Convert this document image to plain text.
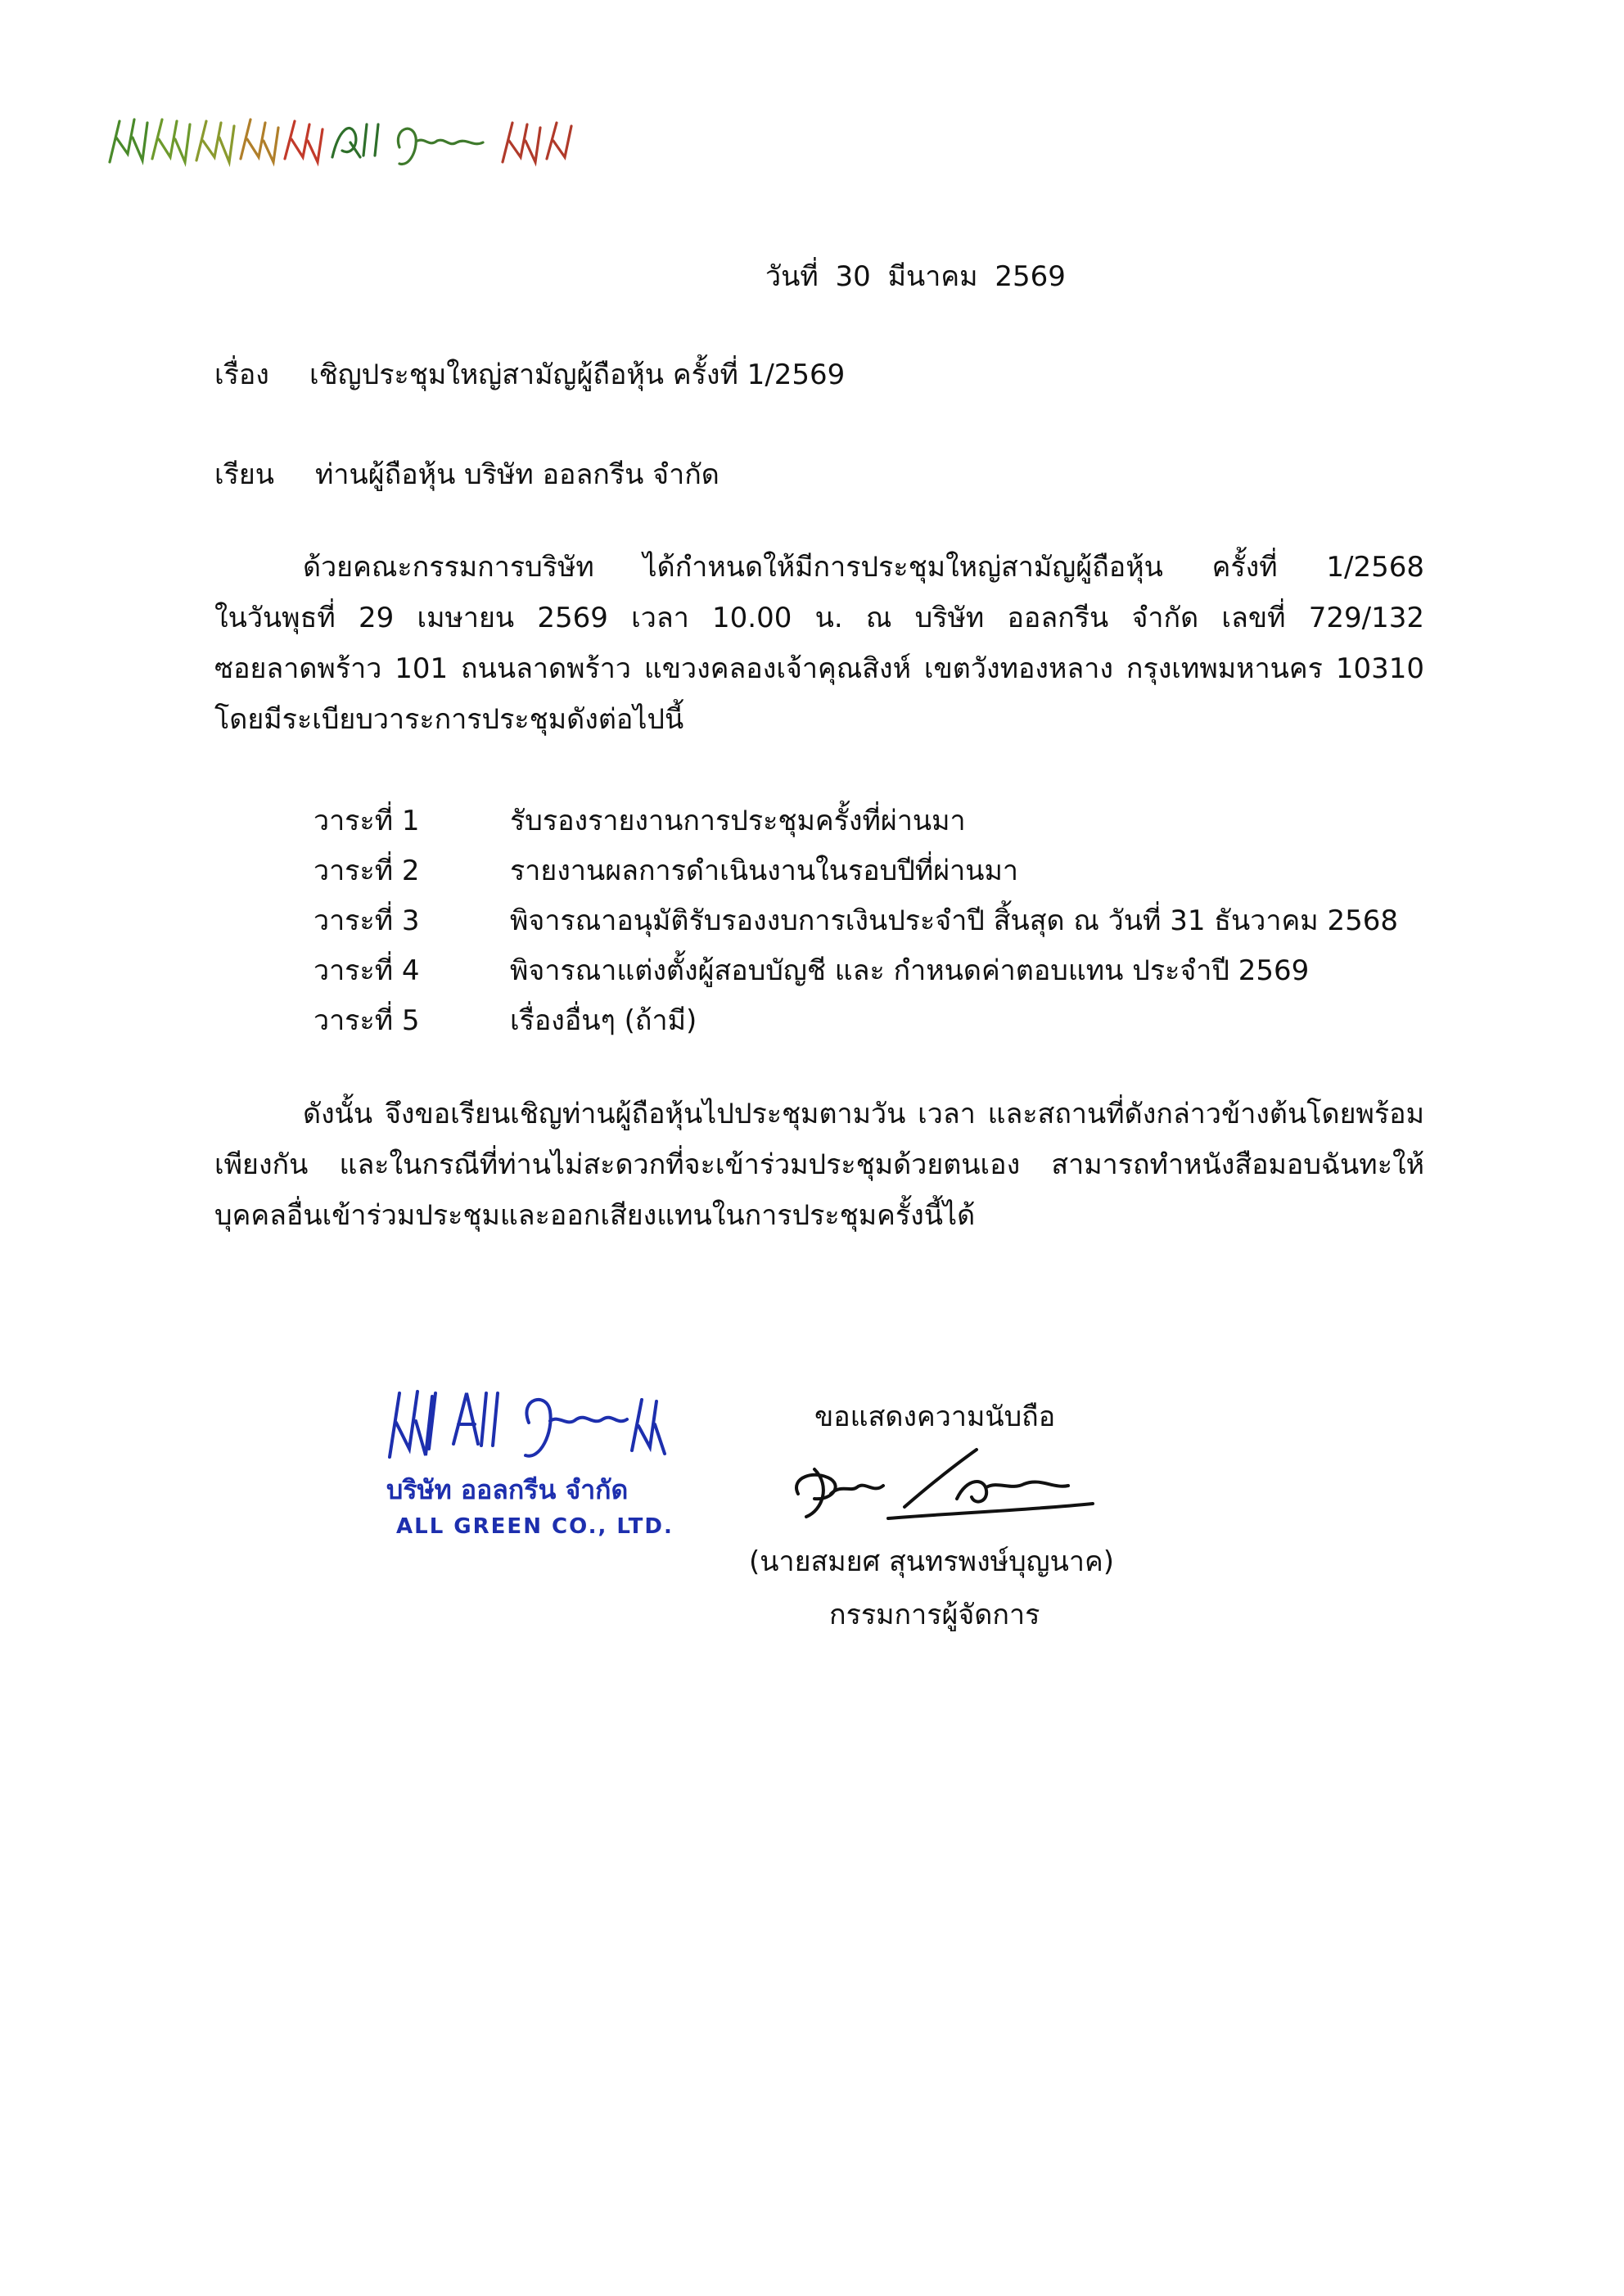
วันที่ 30 มีนาคม 2569
เรื่อง เชิญประชุมใหญ่สามัญผู้ถือหุ้น ครั้งที่ 1/2569
เรียน ท่านผู้ถือหุ้น บริษัท ออลกรีน จำกัด
ด้วยคณะกรรมการบริษัท ได้กำหนดให้มีการประชุมใหญ่สามัญผู้ถือหุ้น ครั้งที่ 1/2568
ในวันพุธที่ 29 เมษายน 2569 เวลา 10.00 น. ณ บริษัท ออลกรีน จำกัด เลขที่ 729/132
ซอยลาดพร้าว 101 ถนนลาดพร้าว แขวงคลองเจ้าคุณสิงห์ เขตวังทองหลาง กรุงเทพมหานคร 10310
โดยมีระเบียบวาระการประชุมดังต่อไปนี้
วาระที่ 1	รับรองรายงานการประชุมครั้งที่ผ่านมา
วาระที่ 2	รายงานผลการดำเนินงานในรอบปีที่ผ่านมา
วาระที่ 3	พิจารณาอนุมัติรับรองงบการเงินประจำปี สิ้นสุด ณ วันที่ 31 ธันวาคม 2568
วาระที่ 4	พิจารณาแต่งตั้งผู้สอบบัญชี และ กำหนดค่าตอบแทน ประจำปี 2569
วาระที่ 5	เรื่องอื่นๆ (ถ้ามี)
ดังนั้น จึงขอเรียนเชิญท่านผู้ถือหุ้นไปประชุมตามวัน เวลา และสถานที่ดังกล่าวข้างต้นโดยพร้อม
เพียงกัน และในกรณีที่ท่านไม่สะดวกที่จะเข้าร่วมประชุมด้วยตนเอง สามารถทำหนังสือมอบฉันทะให้
บุคคลอื่นเข้าร่วมประชุมและออกเสียงแทนในการประชุมครั้งนี้ได้
บริษัท ออลกรีน จำกัด
ALL GREEN CO., LTD.
ขอแสดงความนับถือ
(นายสมยศ สุนทรพงษ์บุญนาค)
กรรมการผู้จัดการ
